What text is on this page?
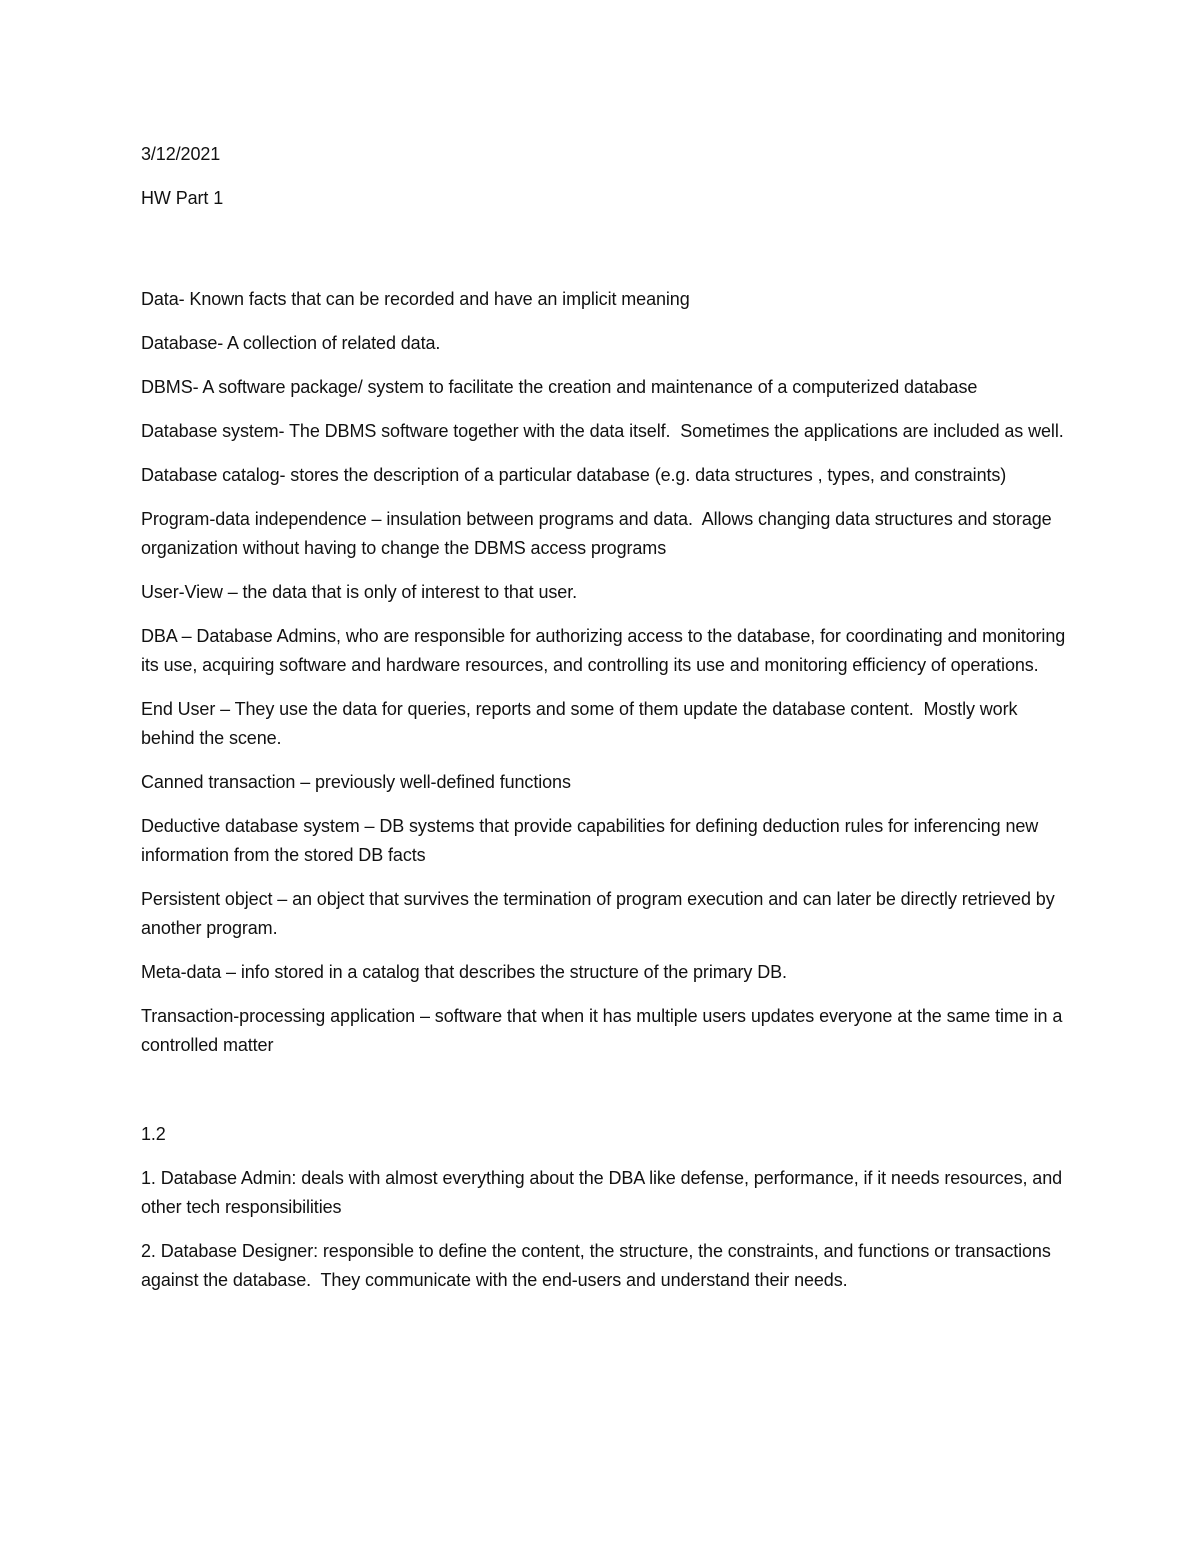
3/12/2021

HW Part 1

Data- Known facts that can be recorded and have an implicit meaning

Database- A collection of related data.

DBMS- A software package/ system to facilitate the creation and maintenance of a computerized database

Database system- The DBMS software together with the data itself.  Sometimes the applications are included as well.

Database catalog- stores the description of a particular database (e.g. data structures , types, and constraints)

Program-data independence – insulation between programs and data.  Allows changing data structures and storage organization without having to change the DBMS access programs

User-View – the data that is only of interest to that user.

DBA – Database Admins, who are responsible for authorizing access to the database, for coordinating and monitoring its use, acquiring software and hardware resources, and controlling its use and monitoring efficiency of operations.

End User – They use the data for queries, reports and some of them update the database content.  Mostly work behind the scene.

Canned transaction – previously well-defined functions

Deductive database system – DB systems that provide capabilities for defining deduction rules for inferencing new information from the stored DB facts

Persistent object – an object that survives the termination of program execution and can later be directly retrieved by another program.

Meta-data – info stored in a catalog that describes the structure of the primary DB.

Transaction-processing application – software that when it has multiple users updates everyone at the same time in a controlled matter

1.2

1. Database Admin: deals with almost everything about the DBA like defense, performance, if it needs resources, and other tech responsibilities

2. Database Designer: responsible to define the content, the structure, the constraints, and functions or transactions against the database.  They communicate with the end-users and understand their needs.
